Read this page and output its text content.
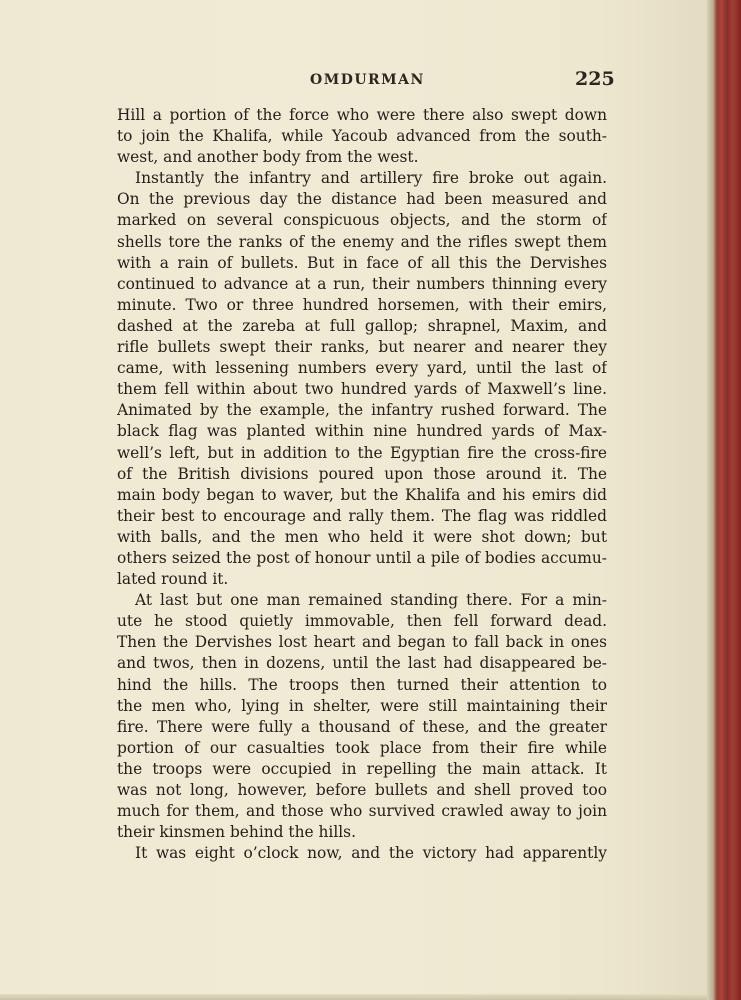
OMDURMAN	225
Hill a portion of the force who were there also swept down
to join the Khalifa, while Yacoub advanced from the south-
west, and another body from the west.
Instantly the infantry and artillery fire broke out again.
On the previous day the distance had been measured and
marked on several conspicuous objects, and the storm of
shells tore the ranks of the enemy and the rifles swept them
with a rain of bullets. But in face of all this the Dervishes
continued to advance at a run, their numbers thinning every
minute. Two or three hundred horsemen, with their emirs,
dashed at the zareba at full gallop; shrapnel, Maxim, and
rifle bullets swept their ranks, but nearer and nearer they
came, with lessening numbers every yard, until the last of
them fell within about two hundred yards of Maxwell’s line.
Animated by the example, the infantry rushed forward. The
black flag was planted within nine hundred yards of Max-
well’s left, but in addition to the Egyptian fire the cross-fire
of the British divisions poured upon those around it. The
main body began to waver, but the Khalifa and his emirs did
their best to encourage and rally them. The flag was riddled
with balls, and the men who held it were shot down; but
others seized the post of honour until a pile of bodies accumu-
lated round it.
At last but one man remained standing there. For a min-
ute he stood quietly immovable, then fell forward dead.
Then the Dervishes lost heart and began to fall back in ones
and twos, then in dozens, until the last had disappeared be-
hind the hills. The troops then turned their attention to
the men who, lying in shelter, were still maintaining their
fire. There were fully a thousand of these, and the greater
portion of our casualties took place from their fire while
the troops were occupied in repelling the main attack. It
was not long, however, before bullets and shell proved too
much for them, and those who survived crawled away to join
their kinsmen behind the hills.
It was eight o’clock now, and the victory had apparently
